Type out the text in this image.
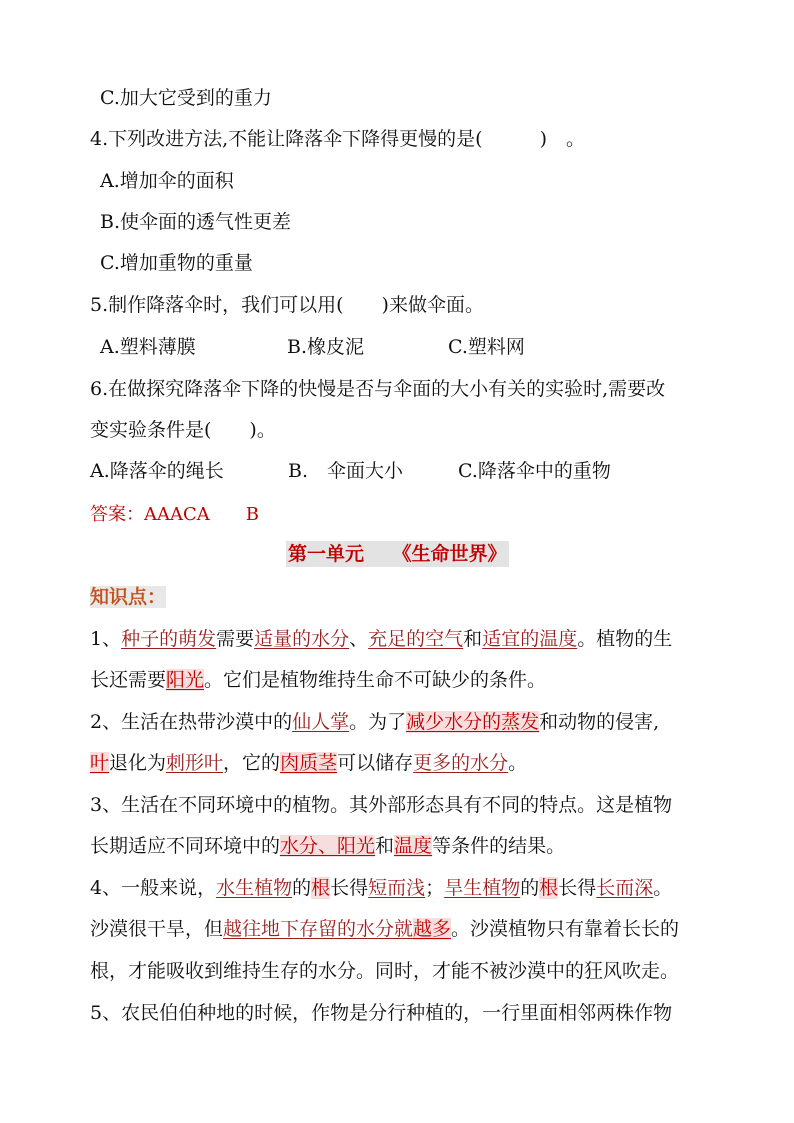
C.加大它受到的重力
4.下列改进方法,不能让降落伞下降得更慢的是(　　　)　。
A.增加伞的面积
B.使伞面的透气性更差
C.增加重物的重量
5.制作降落伞时，我们可以用(　　)来做伞面。
A.塑料薄膜	B.橡皮泥	C.塑料网
6.在做探究降落伞下降的快慢是否与伞面的大小有关的实验时,需要改
变实验条件是(　　)。
A.降落伞的绳长	B.　伞面大小	C.降落伞中的重物
答案：AAACA　　B
第一单元　　《生命世界》
知识点：
1、种子的萌发需要适量的水分、充足的空气和适宜的温度。植物的生
长还需要阳光。它们是植物维持生命不可缺少的条件。
2、生活在热带沙漠中的仙人掌。为了减少水分的蒸发和动物的侵害,
叶退化为刺形叶，它的肉质茎可以储存更多的水分。
3、生活在不同环境中的植物。其外部形态具有不同的特点。这是植物
长期适应不同环境中的水分、阳光和温度等条件的结果。
4、一般来说，水生植物的根长得短而浅；旱生植物的根长得长而深。
沙漠很干旱，但越往地下存留的水分就越多。沙漠植物只有靠着长长的
根，才能吸收到维持生存的水分。同时，才能不被沙漠中的狂风吹走。
5、农民伯伯种地的时候，作物是分行种植的，一行里面相邻两株作物
